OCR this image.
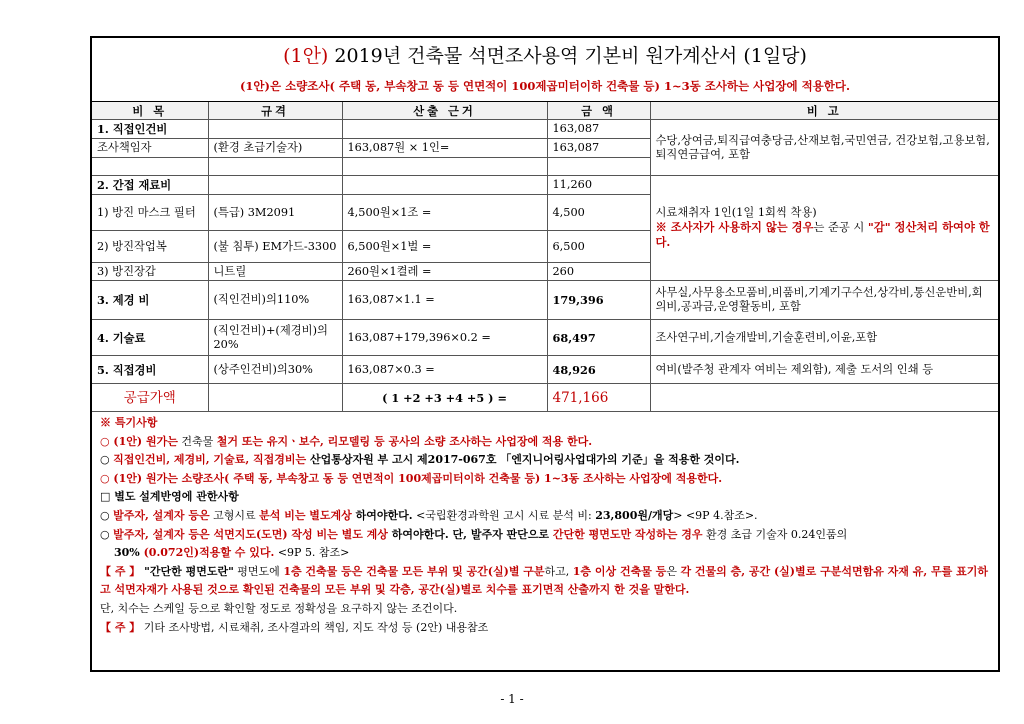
(1안)
2019년 건축물 석면조사용역 기본비 원가계산서 (1일당)
(1안)은 소량조사( 주택 동, 부속창고 동 등 연면적이 100제곱미터이하 건축물 등) 1~3동 조사하는 사업장에 적용한다.
비 목	규격	산출 근거	금 액	비 고
1. 직접인건비			163,087	수당,상여금,퇴직급여충당금,산재보험,국민연금, 건강보험,고용보험,퇴직연금급여, 포함
조사책임자	(환경 초급기술자)	163,087원 × 1인=	163,087	

2. 간접 재료비			11,260	시료채취자 1인(1일 1회씩 착용)
※ 조사자가 사용하지 않는 경우는 준공 시 "감" 정산처리 하여야 한다.

1) 방진 마스크 필터	(특급) 3M2091	4,500원×1조 =	4,500	
2) 방진작업복	(불 침투) EM가드-3300	6,500원×1벌 =	6,500	
3) 방진장갑	니트릴	260원×1켤레 =	260	
3. 제경 비	(직인건비)의110%	163,087×1.1 =	179,396	사무실,사무용소모품비,비품비,기계기구수선,상각비,통신운반비,회의비,공과금,운영활동비, 포함
4. 기술료	(직인건비)+(제경비)의20%	163,087+179,396×0.2 =	68,497	조사연구비,기술개발비,기술훈련비,이윤,포함
5. 직접경비	(상주인건비)의30%	163,087×0.3 =	48,926	여비(발주청 관계자 여비는 제외함), 제출 도서의 인쇄 등
공급가액		( 1 +2 +3 +4 +5 ) =	471,166	
※ 특기사항
○ (1안) 원가는 건축물 철거 또는 유지ㆍ보수, 리모델링 등 공사의 소량 조사하는 사업장에 적용 한다.
○ 직접인건비, 제경비, 기술료, 직접경비는 산업통상자원 부 고시 제2017-067호 「엔지니어링사업대가의 기준」을 적용한 것이다.
○ (1안) 원가는 소량조사( 주택 동, 부속창고 동 등 연면적이 100제곱미터이하 건축물 등) 1~3동 조사하는 사업장에 적용한다.
□ 별도 설계반영에 관한사항
○ 발주자, 설계자 등은 고형시료 분석 비는 별도계상 하여야한다. <국립환경과학원 고시 시료 분석 비: 23,800원/개당> <9P 4.참조>.
○ 발주자, 설계자 등은 석면지도(도면) 작성 비는 별도 계상 하여야한다. 단, 발주자 판단으로 간단한 평면도만 작성하는 경우 환경 초급 기술자 0.24인품의
30% (0.072인)적용할 수 있다. <9P 5. 참조>
【 주 】 "간단한 평면도란" 평면도에 1층 건축물 등은 건축물 모든 부위 및 공간(실)별 구분하고, 1층 이상 건축물 등은 각 건물의 층, 공간 (실)별로 구분석면함유 자재 유, 무를 표기하고 석면자재가 사용된 것으로 확인된 건축물의 모든 부위 및 각층, 공간(실)별로 치수를 표기면적 산출까지 한 것을 말한다.
단, 치수는 스케일 등으로 확인할 정도로 정확성을 요구하지 않는 조건이다.
【 주 】 기타 조사방법, 시료채취, 조사결과의 책임, 지도 작성 등 (2안) 내용참조
- 1 -
